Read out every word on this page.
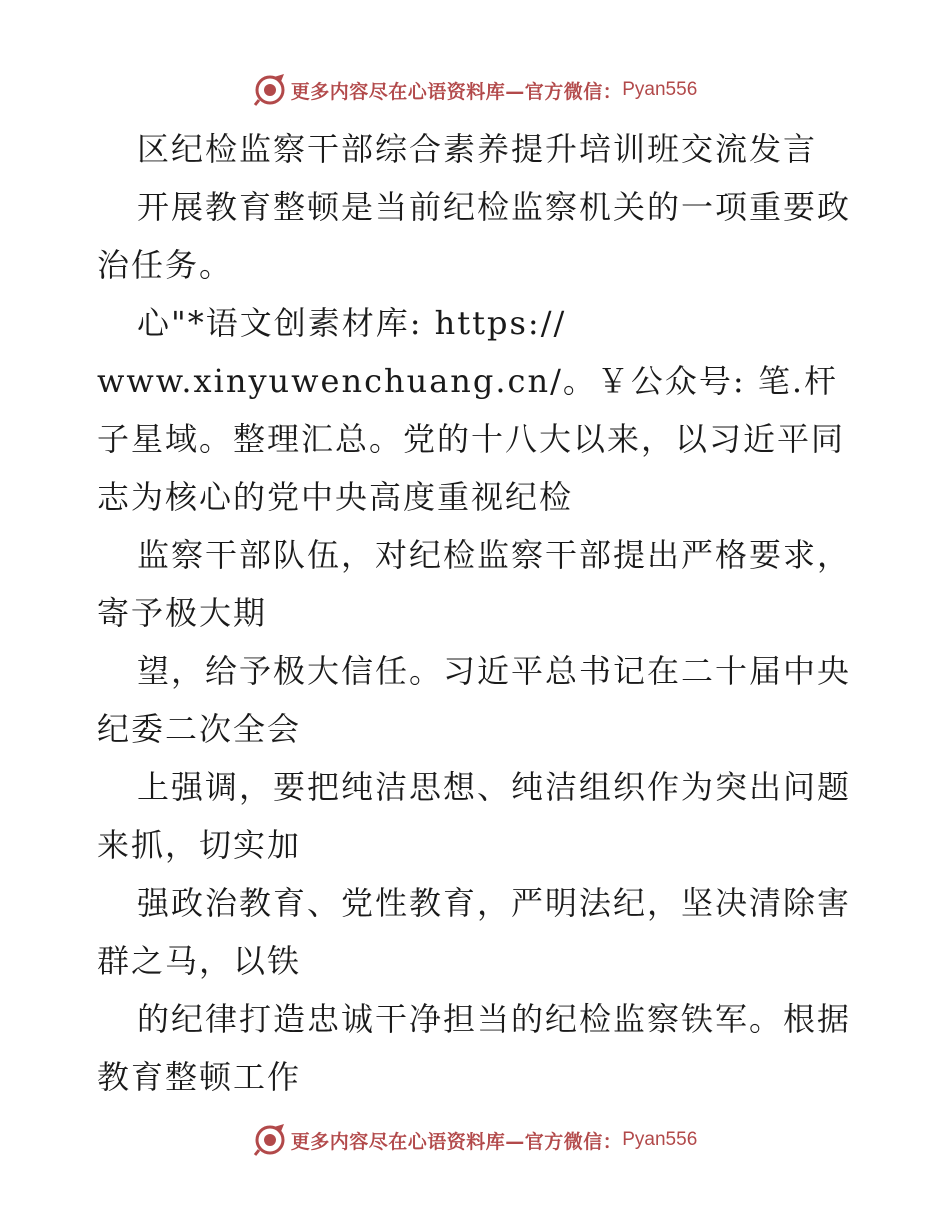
更多内容尽在心语资料库—官方微信： Pyan556

区纪检监察干部综合素养提升培训班交流发言

开展教育整顿是当前纪检监察机关的一项重要政治任务。

心"*语文创素材库: https://

www.xinyuwenchuang.cn/。￥公众号: 笔.杆子星域。整理汇总。党的十八大以来，以习近平同志为核心的党中央高度重视纪检

监察干部队伍，对纪检监察干部提出严格要求，寄予极大期

望，给予极大信任。习近平总书记在二十届中央纪委二次全会

上强调，要把纯洁思想、纯洁组织作为突出问题来抓，切实加

强政治教育、党性教育，严明法纪，坚决清除害群之马，以铁

的纪律打造忠诚干净担当的纪检监察铁军。根据教育整顿工作

更多内容尽在心语资料库—官方微信： Pyan556
